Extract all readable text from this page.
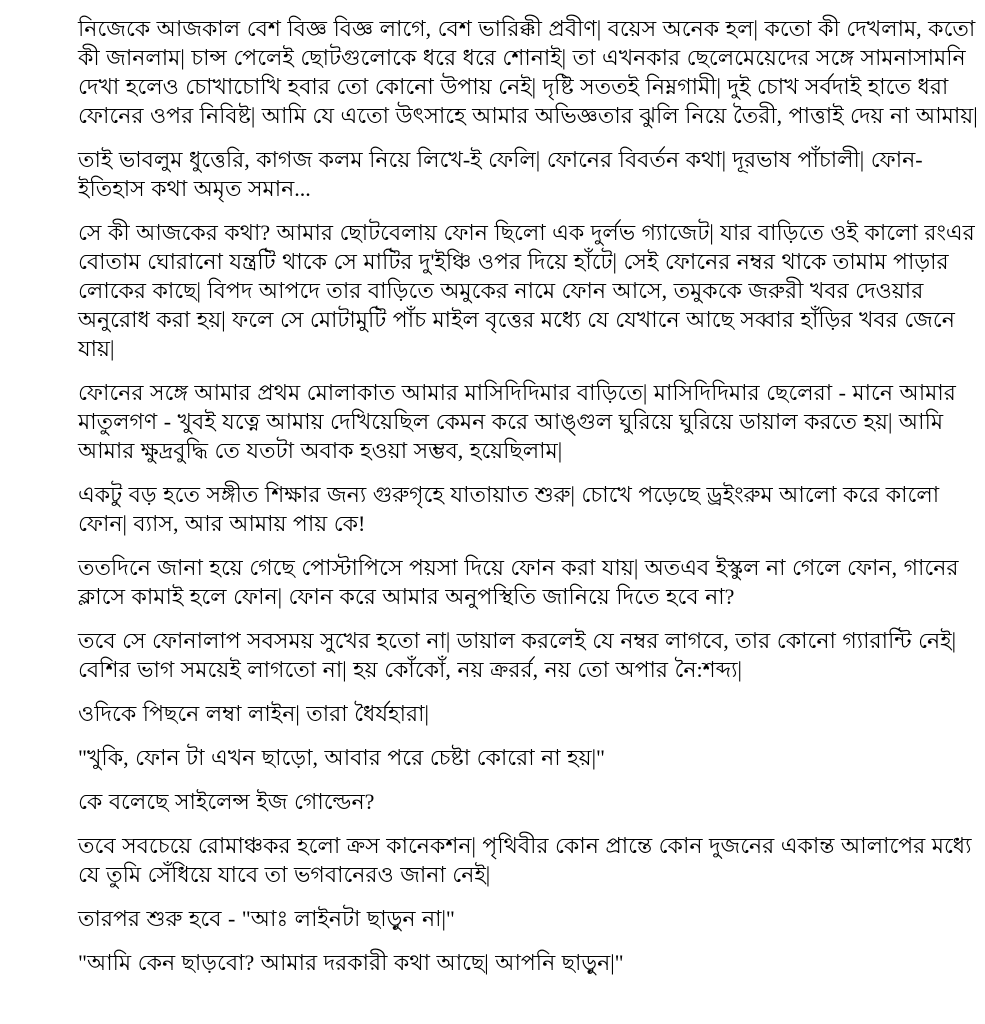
নিজেকে আজকাল বেশ বিজ্ঞ বিজ্ঞ লাগে, বেশ ভারিক্কী প্রবীণ| বয়েস অনেক হল| কতো কী দেখলাম, কতো কী জানলাম| চান্স পেলেই ছোটগুলোকে ধরে ধরে শোনাই| তা এখনকার ছেলেমেয়েদের সঙ্গে সামনাসামনি দেখা হলেও চোখাচোখি হবার তো কোনো উপায় নেই| দৃষ্টি সততই নিম্নগামী| দুই চোখ সর্বদাই হাতে ধরা ফোনের ওপর নিবিষ্ট| আমি যে এতো উৎসাহে আমার অভিজ্ঞতার ঝুলি নিয়ে তৈরী, পাত্তাই দেয় না আমায়|

তাই ভাবলুম ধুত্তেরি, কাগজ কলম নিয়ে লিখে-ই ফেলি| ফোনের বিবর্তন কথা| দূরভাষ পাঁচালী| ফোন-ইতিহাস কথা অমৃত সমান...

সে কী আজকের কথা? আমার ছোটবেলায় ফোন ছিলো এক দুর্লভ গ্যাজেট| যার বাড়িতে ওই কালো রংএর বোতাম ঘোরানো যন্ত্রটি থাকে সে মাটির দু'ইঞ্চি ওপর দিয়ে হাঁটে| সেই ফোনের নম্বর থাকে তামাম পাড়ার লোকের কাছে| বিপদ আপদে তার বাড়িতে অমুকের নামে ফোন আসে, তমুককে জরুরী খবর দেওয়ার অনুরোধ করা হয়| ফলে সে মোটামুটি পাঁচ মাইল বৃত্তের মধ্যে যে যেখানে আছে সব্বার হাঁড়ির খবর জেনে যায়|

ফোনের সঙ্গে আমার প্রথম মোলাকাত আমার মাসিদিদিমার বাড়িতে| মাসিদিদিমার ছেলেরা - মানে আমার মাতুলগণ - খুবই যত্নে আমায় দেখিয়েছিল কেমন করে আঙ্গুল ঘুরিয়ে ঘুরিয়ে ডায়াল করতে হয়| আমি আমার ক্ষুদ্রবুদ্ধি তে যতটা অবাক হওয়া সম্ভব, হয়েছিলাম|

একটু বড় হতে সঙ্গীত শিক্ষার জন্য গুরুগৃহে যাতায়াত শুরু| চোখে পড়েছে ড্রইংরুম আলো করে কালো ফোন| ব্যাস, আর আমায় পায় কে!

ততদিনে জানা হয়ে গেছে পোস্টাপিসে পয়সা দিয়ে ফোন করা যায়| অতএব ইস্কুল না গেলে ফোন, গানের ক্লাসে কামাই হলে ফোন| ফোন করে আমার অনুপস্থিতি জানিয়ে দিতে হবে না?

তবে সে ফোনালাপ সবসময় সুখের হতো না| ডায়াল করলেই যে নম্বর লাগবে, তার কোনো গ্যারান্টি নেই| বেশির ভাগ সময়েই লাগতো না| হয় কোঁকোঁ, নয় ক্ররর্র, নয় তো অপার নৈ:শব্দ্য|

ওদিকে পিছনে লম্বা লাইন| তারা ধৈর্যহারা|

"খুকি, ফোন টা এখন ছাড়ো, আবার পরে চেষ্টা কোরো না হয়|"

কে বলেছে সাইলেন্স ইজ গোল্ডেন?

তবে সবচেয়ে রোমাঞ্চকর হলো ক্রস কানেকশন| পৃথিবীর কোন প্রান্তে কোন দুজনের একান্ত আলাপের মধ্যে যে তুমি সেঁধিয়ে যাবে তা ভগবানেরও জানা নেই|

তারপর শুরু হবে - "আঃ লাইনটা ছাড়ুন না|"

"আমি কেন ছাড়বো? আমার দরকারী কথা আছে| আপনি ছাড়ুন|"
